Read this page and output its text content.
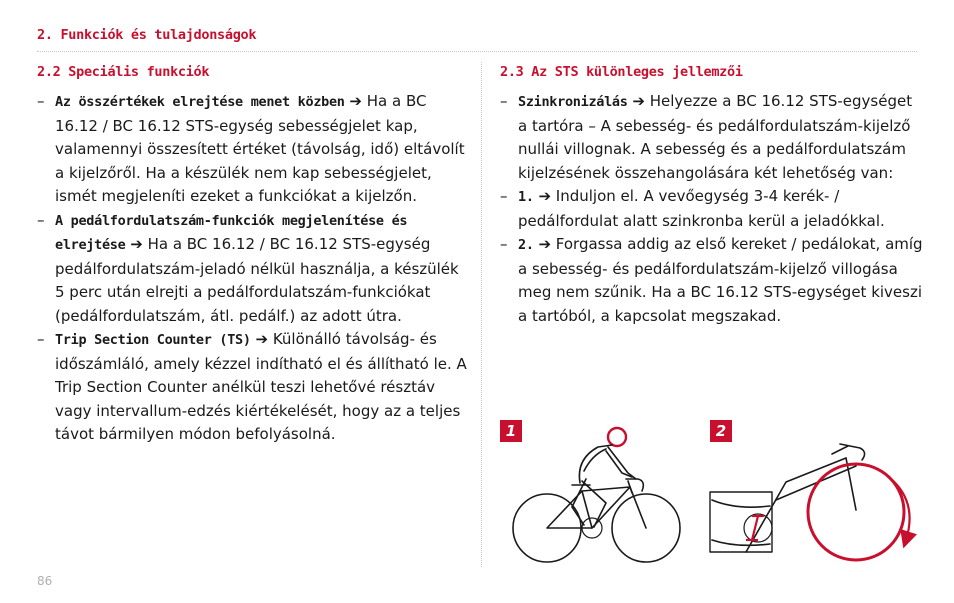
2. Funkciók és tulajdonságok
2.2 Speciális funkciók
– Az összértékek elrejtése menet közben ➔ Ha a BC 16.12 / BC 16.12 STS-egység sebességjelet kap, valamennyi összesített értéket (távolság, idő) eltávolít a kijelzőről. Ha a készülék nem kap sebességjelet, ismét megjeleníti ezeket a funkciókat a kijelzőn.
– A pedálfordulatszám-funkciók megjelenítése és elrejtése ➔ Ha a BC 16.12 / BC 16.12 STS-egység pedálfordulatszám-jeladó nélkül használja, a készülék 5 perc után elrejti a pedálfordulatszám-funkciókat (pedálfordulatszám, átl. pedálf.) az adott útra.
– Trip Section Counter (TS) ➔ Különálló távolság- és időszámláló, amely kézzel indítható el és állítható le. A Trip Section Counter anélkül teszi lehetővé résztáv vagy intervallum-edzés kiértékelését, hogy az a teljes távot bármilyen módon befolyásolná.
2.3 Az STS különleges jellemzői
– Szinkronizálás ➔ Helyezze a BC 16.12 STS-egységet a tartóra – A sebesség- és pedálfordulatszám-kijelző nullái villognak. A sebesség és a pedálfordulatszám kijelzésének összehangolására két lehetőség van:
– 1. ➔ Induljon el. A vevőegység 3-4 kerék- / pedálfordulat alatt szinkronba kerül a jeladókkal.
– 2. ➔ Forgassa addig az első kereket / pedálokat, amíg a sebesség- és pedálfordulatszám-kijelző villogása meg nem szűnik. Ha a BC 16.12 STS-egységet kiveszi a tartóból, a kapcsolat megszakad.
1	2
86
